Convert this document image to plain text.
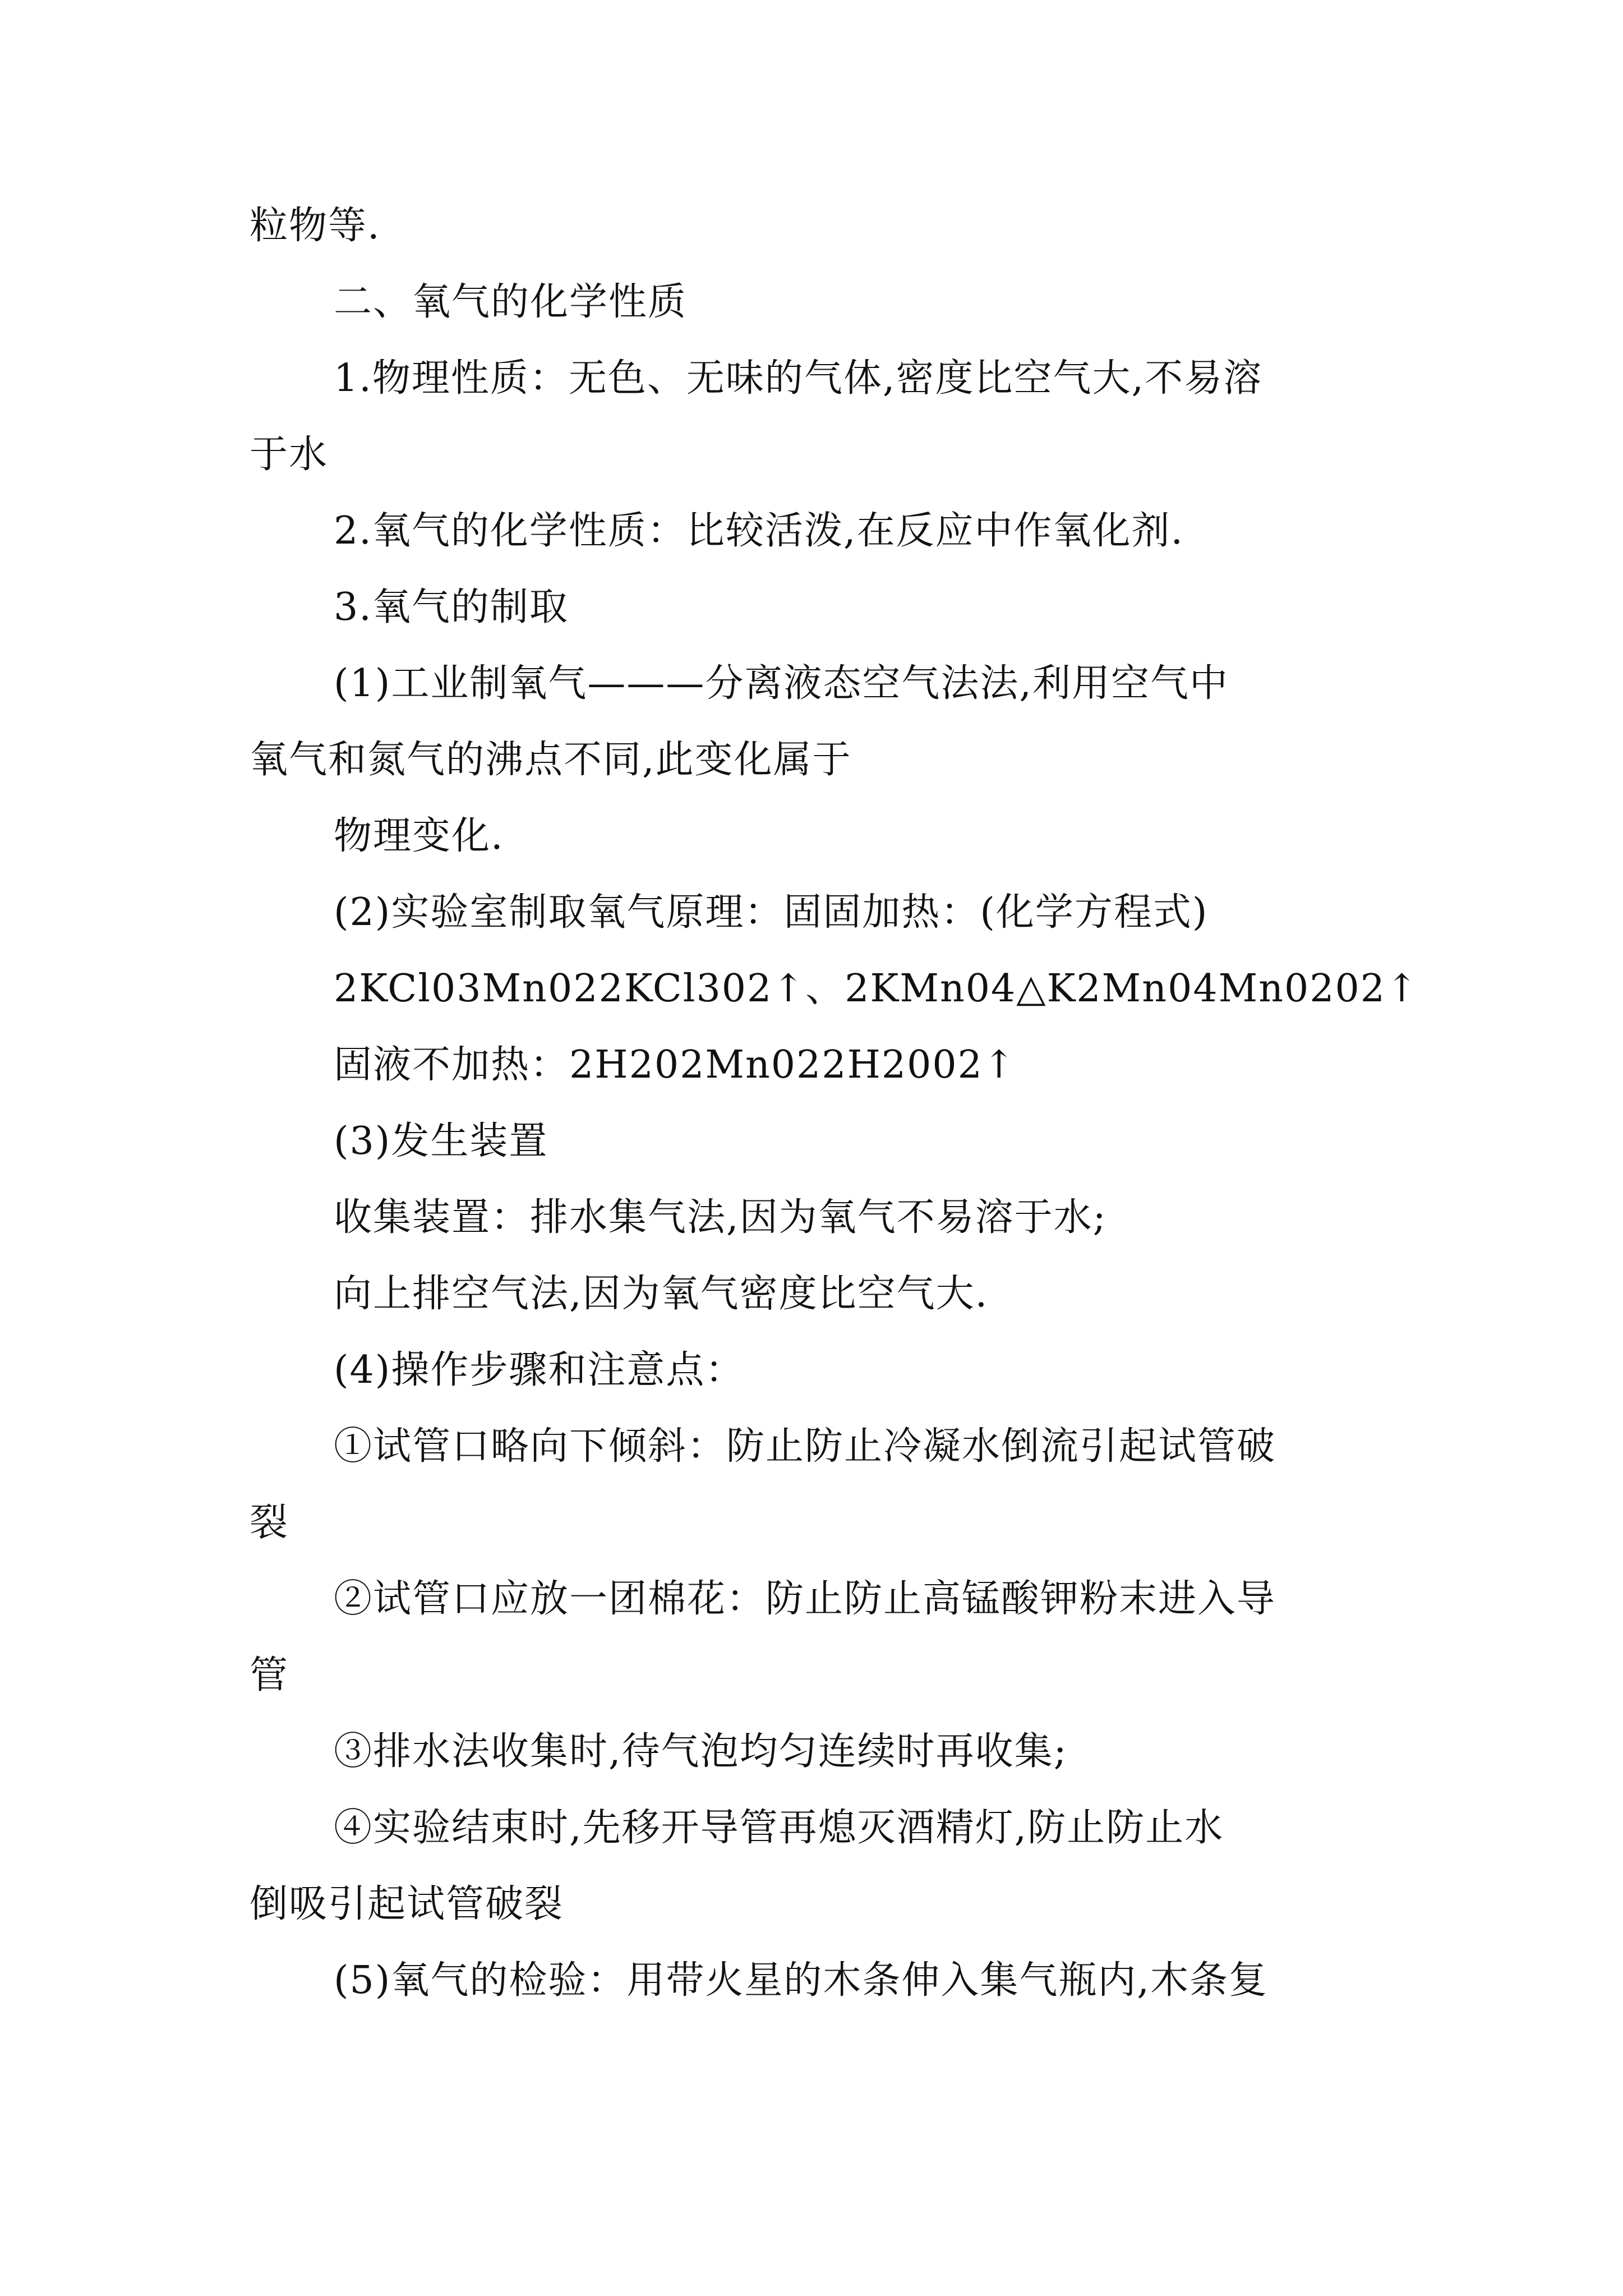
粒物等.
二、氧气的化学性质
1.物理性质：无色、无味的气体,密度比空气大,不易溶
于水
2.氧气的化学性质：比较活泼,在反应中作氧化剂.
3.氧气的制取
(1)工业制氧气———分离液态空气法法,利用空气中
氧气和氮气的沸点不同,此变化属于
物理变化.
(2)实验室制取氧气原理：固固加热：(化学方程式)
2KCl03Mn022KCl302↑、2KMn04△K2Mn04Mn0202↑
固液不加热：2H202Mn022H2002↑
(3)发生装置
收集装置：排水集气法,因为氧气不易溶于水;
向上排空气法,因为氧气密度比空气大.
(4)操作步骤和注意点：
①试管口略向下倾斜：防止防止冷凝水倒流引起试管破
裂
②试管口应放一团棉花：防止防止高锰酸钾粉末进入导
管
③排水法收集时,待气泡均匀连续时再收集;
④实验结束时,先移开导管再熄灭酒精灯,防止防止水
倒吸引起试管破裂
(5)氧气的检验：用带火星的木条伸入集气瓶内,木条复
